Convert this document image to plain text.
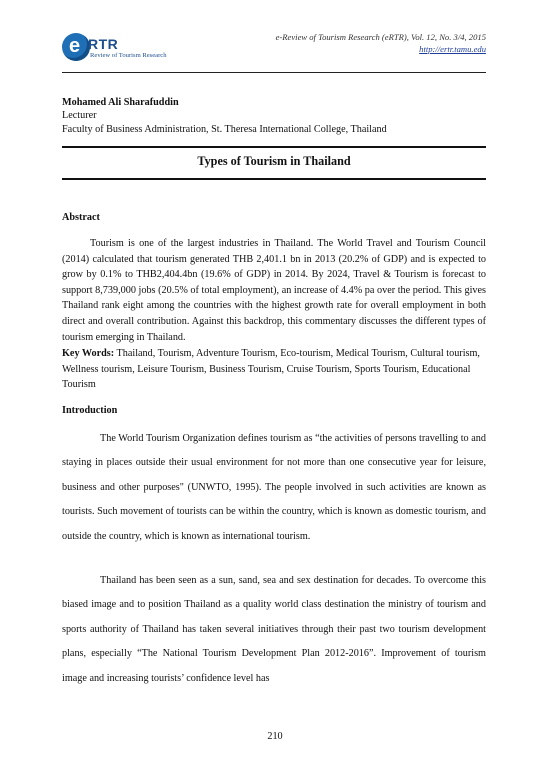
e RTR
Review of Tourism Research
e-Review of Tourism Research (eRTR), Vol. 12, No. 3/4, 2015
http://ertr.tamu.edu
Mohamed Ali Sharafuddin
Lecturer
Faculty of Business Administration, St. Theresa International College, Thailand
Types of Tourism in Thailand
Abstract

Tourism is one of the largest industries in Thailand. The World Travel and Tourism Council (2014) calculated that tourism generated THB 2,401.1 bn in 2013 (20.2% of GDP) and is expected to grow by 0.1% to THB2,404.4bn (19.6% of GDP) in 2014. By 2024, Travel & Tourism is forecast to support 8,739,000 jobs (20.5% of total employment), an increase of 4.4% pa over the period. This gives Thailand rank eight among the countries with the highest growth rate for overall employment in both direct and overall contribution. Against this backdrop, this commentary discusses the different types of tourism emerging in Thailand.

Key Words: Thailand, Tourism, Adventure Tourism, Eco-tourism, Medical Tourism, Cultural tourism, Wellness tourism, Leisure Tourism, Business Tourism, Cruise Tourism, Sports Tourism, Educational Tourism

Introduction

The World Tourism Organization defines tourism as “the activities of persons travelling to and staying in places outside their usual environment for not more than one consecutive year for leisure, business and other purposes" (UNWTO, 1995). The people involved in such activities are known as tourists. Such movement of tourists can be within the country, which is known as domestic tourism, and outside the country, which is known as international tourism.

Thailand has been seen as a sun, sand, sea and sex destination for decades. To overcome this biased image and to position Thailand as a quality world class destination the ministry of tourism and sports authority of Thailand has taken several initiatives through their past two tourism development plans, especially “The National Tourism Development Plan 2012-2016”. Improvement of tourism image and increasing tourists’ confidence level has

210
